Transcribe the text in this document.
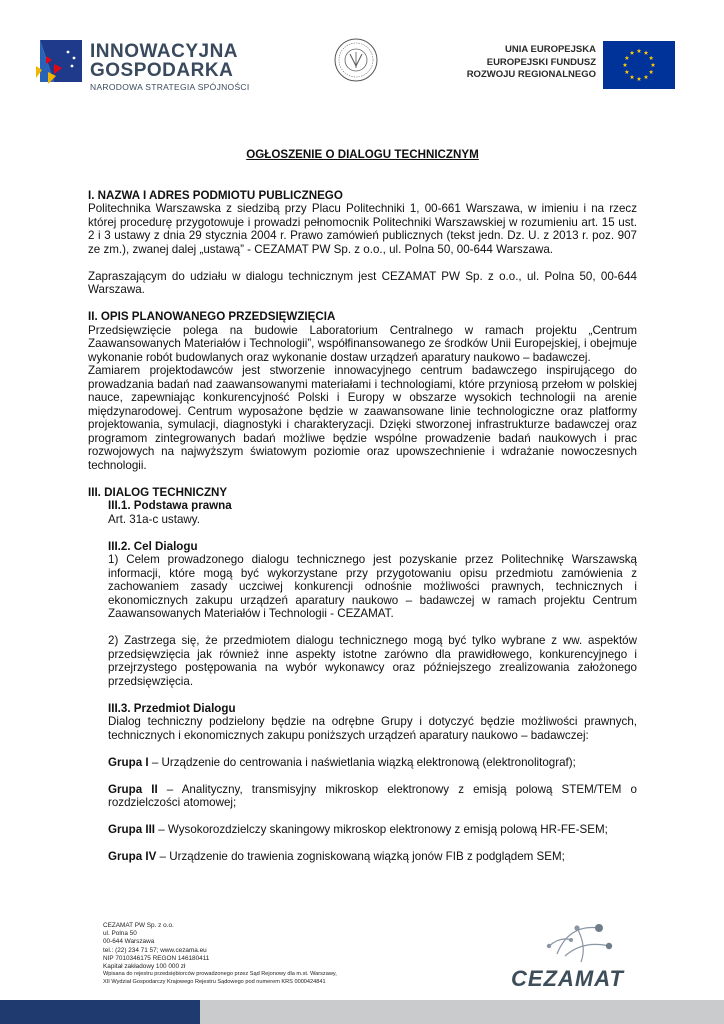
INNOWACYJNA
GOSPODARKA
NARODOWA STRATEGIA SPÓJNOŚCI
UNIA EUROPEJSKA
EUROPEJSKI FUNDUSZ
ROZWOJU REGIONALNEGO
OGŁOSZENIE O DIALOGU TECHNICZNYM
I. NAZWA I ADRES PODMIOTU PUBLICZNEGO
Politechnika Warszawska z siedzibą przy Placu Politechniki 1, 00-661 Warszawa, w imieniu i na rzecz której procedurę przygotowuje i prowadzi pełnomocnik Politechniki Warszawskiej w rozumieniu art. 15 ust. 2 i 3 ustawy z dnia 29 stycznia 2004 r. Prawo zamówień publicznych (tekst jedn. Dz. U. z 2013 r. poz. 907 ze zm.), zwanej dalej „ustawą” - CEZAMAT PW Sp. z o.o., ul. Polna 50, 00-644 Warszawa.
Zapraszającym do udziału w dialogu technicznym jest CEZAMAT PW Sp. z o.o., ul. Polna 50, 00-644 Warszawa.
II. OPIS PLANOWANEGO PRZEDSIĘWZIĘCIA
Przedsięwzięcie polega na budowie Laboratorium Centralnego w ramach projektu „Centrum Zaawansowanych Materiałów i Technologii”, współfinansowanego ze środków Unii Europejskiej, i obejmuje wykonanie robót budowlanych oraz wykonanie dostaw urządzeń aparatury naukowo – badawczej.
Zamiarem projektodawców jest stworzenie innowacyjnego centrum badawczego inspirującego do prowadzania badań nad zaawansowanymi materiałami i technologiami, które przyniosą przełom w polskiej nauce, zapewniając konkurencyjność Polski i Europy w obszarze wysokich technologii na arenie międzynarodowej. Centrum wyposażone będzie w zaawansowane linie technologiczne oraz platformy projektowania, symulacji, diagnostyki i charakteryzacji. Dzięki stworzonej infrastrukturze badawczej oraz programom zintegrowanych badań możliwe będzie wspólne prowadzenie badań naukowych i prac rozwojowych na najwyższym światowym poziomie oraz upowszechnienie i wdrażanie nowoczesnych technologii.
III. DIALOG TECHNICZNY
III.1. Podstawa prawna
Art. 31a-c ustawy.
III.2. Cel Dialogu
1) Celem prowadzonego dialogu technicznego jest pozyskanie przez Politechnikę Warszawską informacji, które mogą być wykorzystane przy przygotowaniu opisu przedmiotu zamówienia z zachowaniem zasady uczciwej konkurencji odnośnie możliwości prawnych, technicznych i ekonomicznych zakupu urządzeń aparatury naukowo – badawczej w ramach projektu Centrum Zaawansowanych Materiałów i Technologii - CEZAMAT.
2) Zastrzega się, że przedmiotem dialogu technicznego mogą być tylko wybrane z ww. aspektów przedsięwzięcia jak również inne aspekty istotne zarówno dla prawidłowego, konkurencyjnego i przejrzystego postępowania na wybór wykonawcy oraz późniejszego zrealizowania założonego przedsięwzięcia.
III.3. Przedmiot Dialogu
Dialog techniczny podzielony będzie na odrębne Grupy i dotyczyć będzie możliwości prawnych, technicznych i ekonomicznych zakupu poniższych urządzeń aparatury naukowo – badawczej:
Grupa I – Urządzenie do centrowania i naświetlania wiązką elektronową (elektronolitograf);
Grupa II – Analityczny, transmisyjny mikroskop elektronowy z emisją polową STEM/TEM o rozdzielczości atomowej;
Grupa III – Wysokorozdzielczy skaningowy mikroskop elektronowy z emisją polową HR-FE-SEM;
Grupa IV – Urządzenie do trawienia zogniskowaną wiązką jonów FIB z podglądem SEM;
CEZAMAT PW Sp. z o.o.
ul. Polna 50
00-644 Warszawa
tel.: (22) 234 71 57; www.cezama.eu
NIP 7010346175 REGON 146180411
Kapitał zakładowy 100 000 zł
Wpisana do rejestru przedsiębiorców prowadzonego przez Sąd Rejonowy dla m.st. Warszawy,
XII Wydział Gospodarczy Krajowego Rejestru Sądowego pod numerem KRS 0000424841	CEZAMAT
